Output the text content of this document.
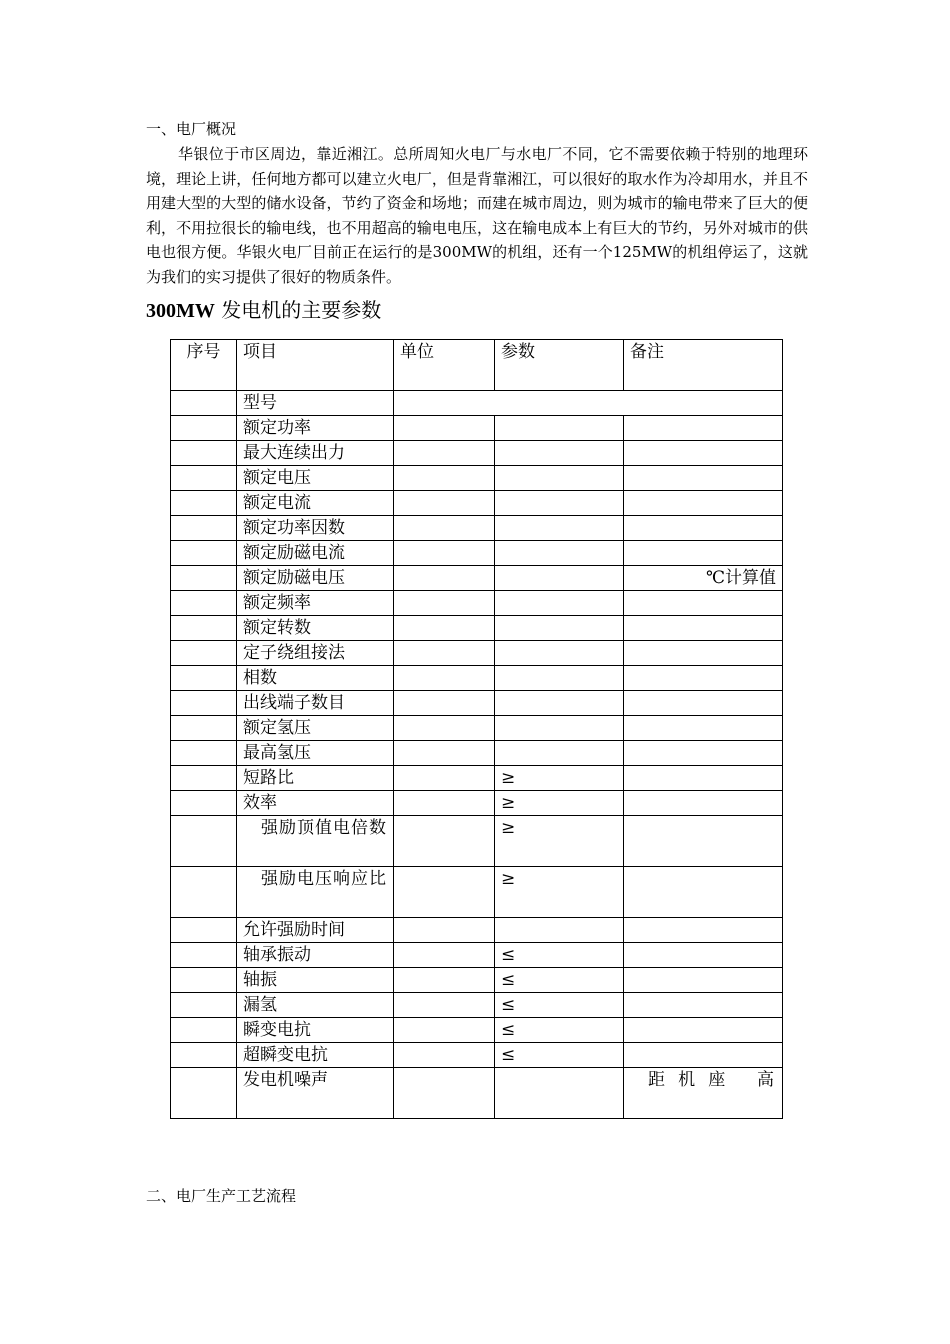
一、电厂概况

华银位于市区周边，靠近湘江。总所周知火电厂与水电厂不同，它不需要依赖于特别的地理环境，理论上讲，任何地方都可以建立火电厂，但是背靠湘江，可以很好的取水作为冷却用水，并且不用建大型的大型的储水设备，节约了资金和场地；而建在城市周边，则为城市的输电带来了巨大的便利，不用拉很长的输电线，也不用超高的输电电压，这在输电成本上有巨大的节约，另外对城市的供电也很方便。华银火电厂目前正在运行的是300MW的机组，还有一个125MW的机组停运了，这就为我们的实习提供了很好的物质条件。

300MW 发电机的主要参数
序号	项目	单位	参数	备注
	型号			
	额定功率			
	最大连续出力			
	额定电压			
	额定电流			
	额定功率因数			
	额定励磁电流			
	额定励磁电压			℃计算值
	额定频率			
	额定转数			
	定子绕组接法			
	相数			
	出线端子数目			
	额定氢压			
	最高氢压			
	短路比		≥	
	效率		≥	
	强励顶值电倍数		≥	
	强励电压响应比		≥	
	允许强励时间			
	轴承振动		≤	
	轴振		≤	
	漏氢		≤	
	瞬变电抗		≤	
	超瞬变电抗		≤	
	发电机噪声			距机座 高
二、电厂生产工艺流程
